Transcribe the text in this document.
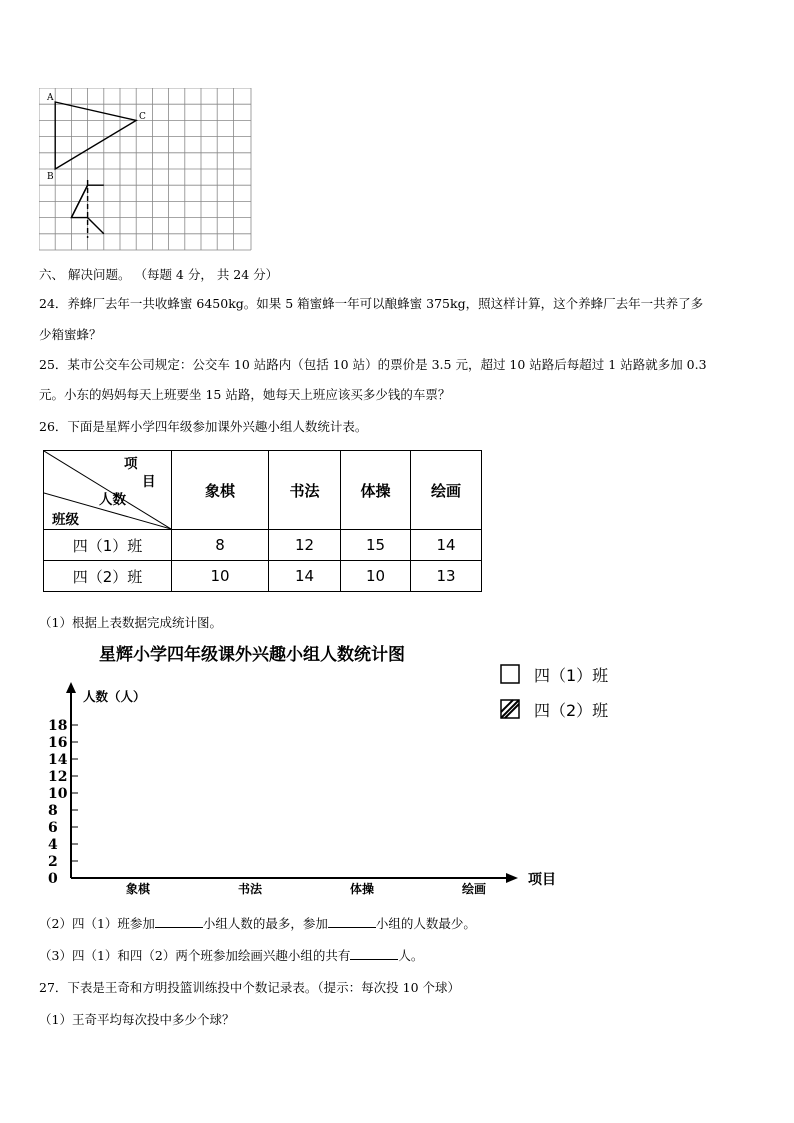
A
B
C
六、 解决问题。 （每题 4 分， 共 24 分）
24．养蜂厂去年一共收蜂蜜 6450kg。如果 5 箱蜜蜂一年可以酿蜂蜜 375kg，照这样计算，这个养蜂厂去年一共养了多
少箱蜜蜂？
25．某市公交车公司规定：公交车 10 站路内（包括 10 站）的票价是 3.5 元，超过 10 站路后每超过 1 站路就多加 0.3
元。小东的妈妈每天上班要坐 15 站路，她每天上班应该买多少钱的车票？
26．下面是星辉小学四年级参加课外兴趣小组人数统计表。
项
目
人数
班级	象棋	书法	体操	绘画
四（1）班	8	12	15	14
四（2）班	10	14	10	13
（1）根据上表数据完成统计图。
星辉小学四年级课外兴趣小组人数统计图
四（1）班
四（2）班
人数（人）
项目
0
2
4
6
8
10
12
14
16
18
象棋	书法	体操	绘画
（2）四（1）班参加	小组人数的最多，参加	小组的人数最少。
（3）四（1）和四（2）两个班参加绘画兴趣小组的共有	人。
27．下表是王奇和方明投篮训练投中个数记录表。（提示：每次投 10 个球）
（1）王奇平均每次投中多少个球？
